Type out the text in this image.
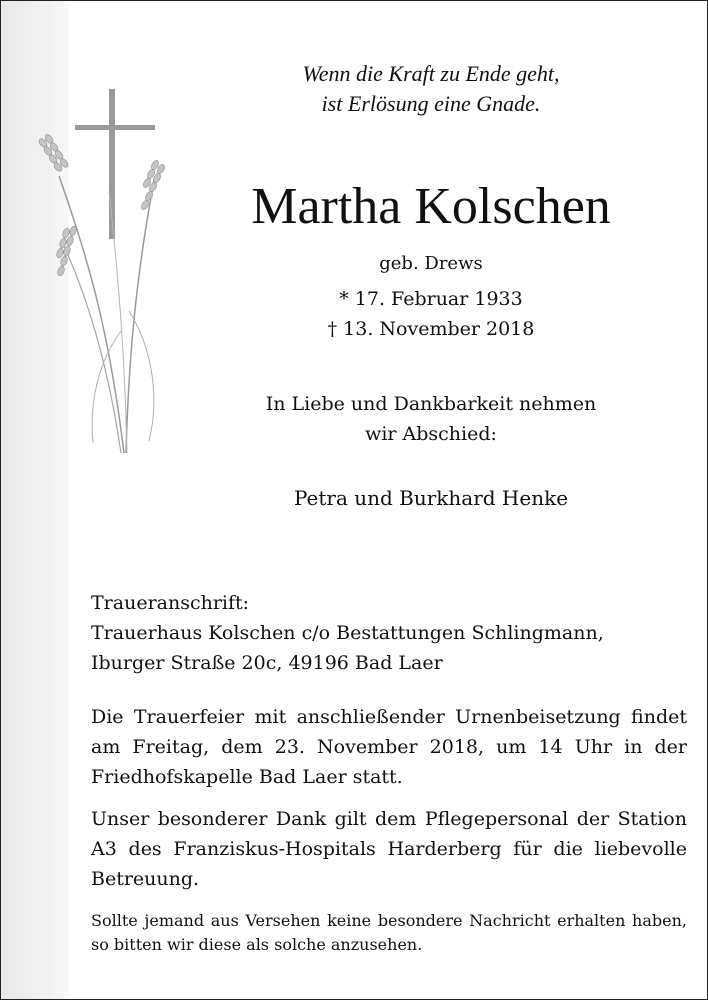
Wenn die Kraft zu Ende geht,
ist Erlösung eine Gnade.
Martha Kolschen
geb. Drews
* 17. Februar 1933
† 13. November 2018
In Liebe und Dankbarkeit nehmen
wir Abschied:
Petra und Burkhard Henke
Traueranschrift:
Trauerhaus Kolschen c/o Bestattungen Schlingmann,
Iburger Straße 20c, 49196 Bad Laer
Die Trauerfeier mit anschließender Urnenbeisetzung findet am Freitag, dem 23. November 2018, um 14 Uhr in der Friedhofskapelle Bad Laer statt.
Unser besonderer Dank gilt dem Pflegepersonal der Station A3 des Franziskus-Hospitals Harderberg für die liebevolle Betreuung.
Sollte jemand aus Versehen keine besondere Nachricht erhalten haben, so bitten wir diese als solche anzusehen.
